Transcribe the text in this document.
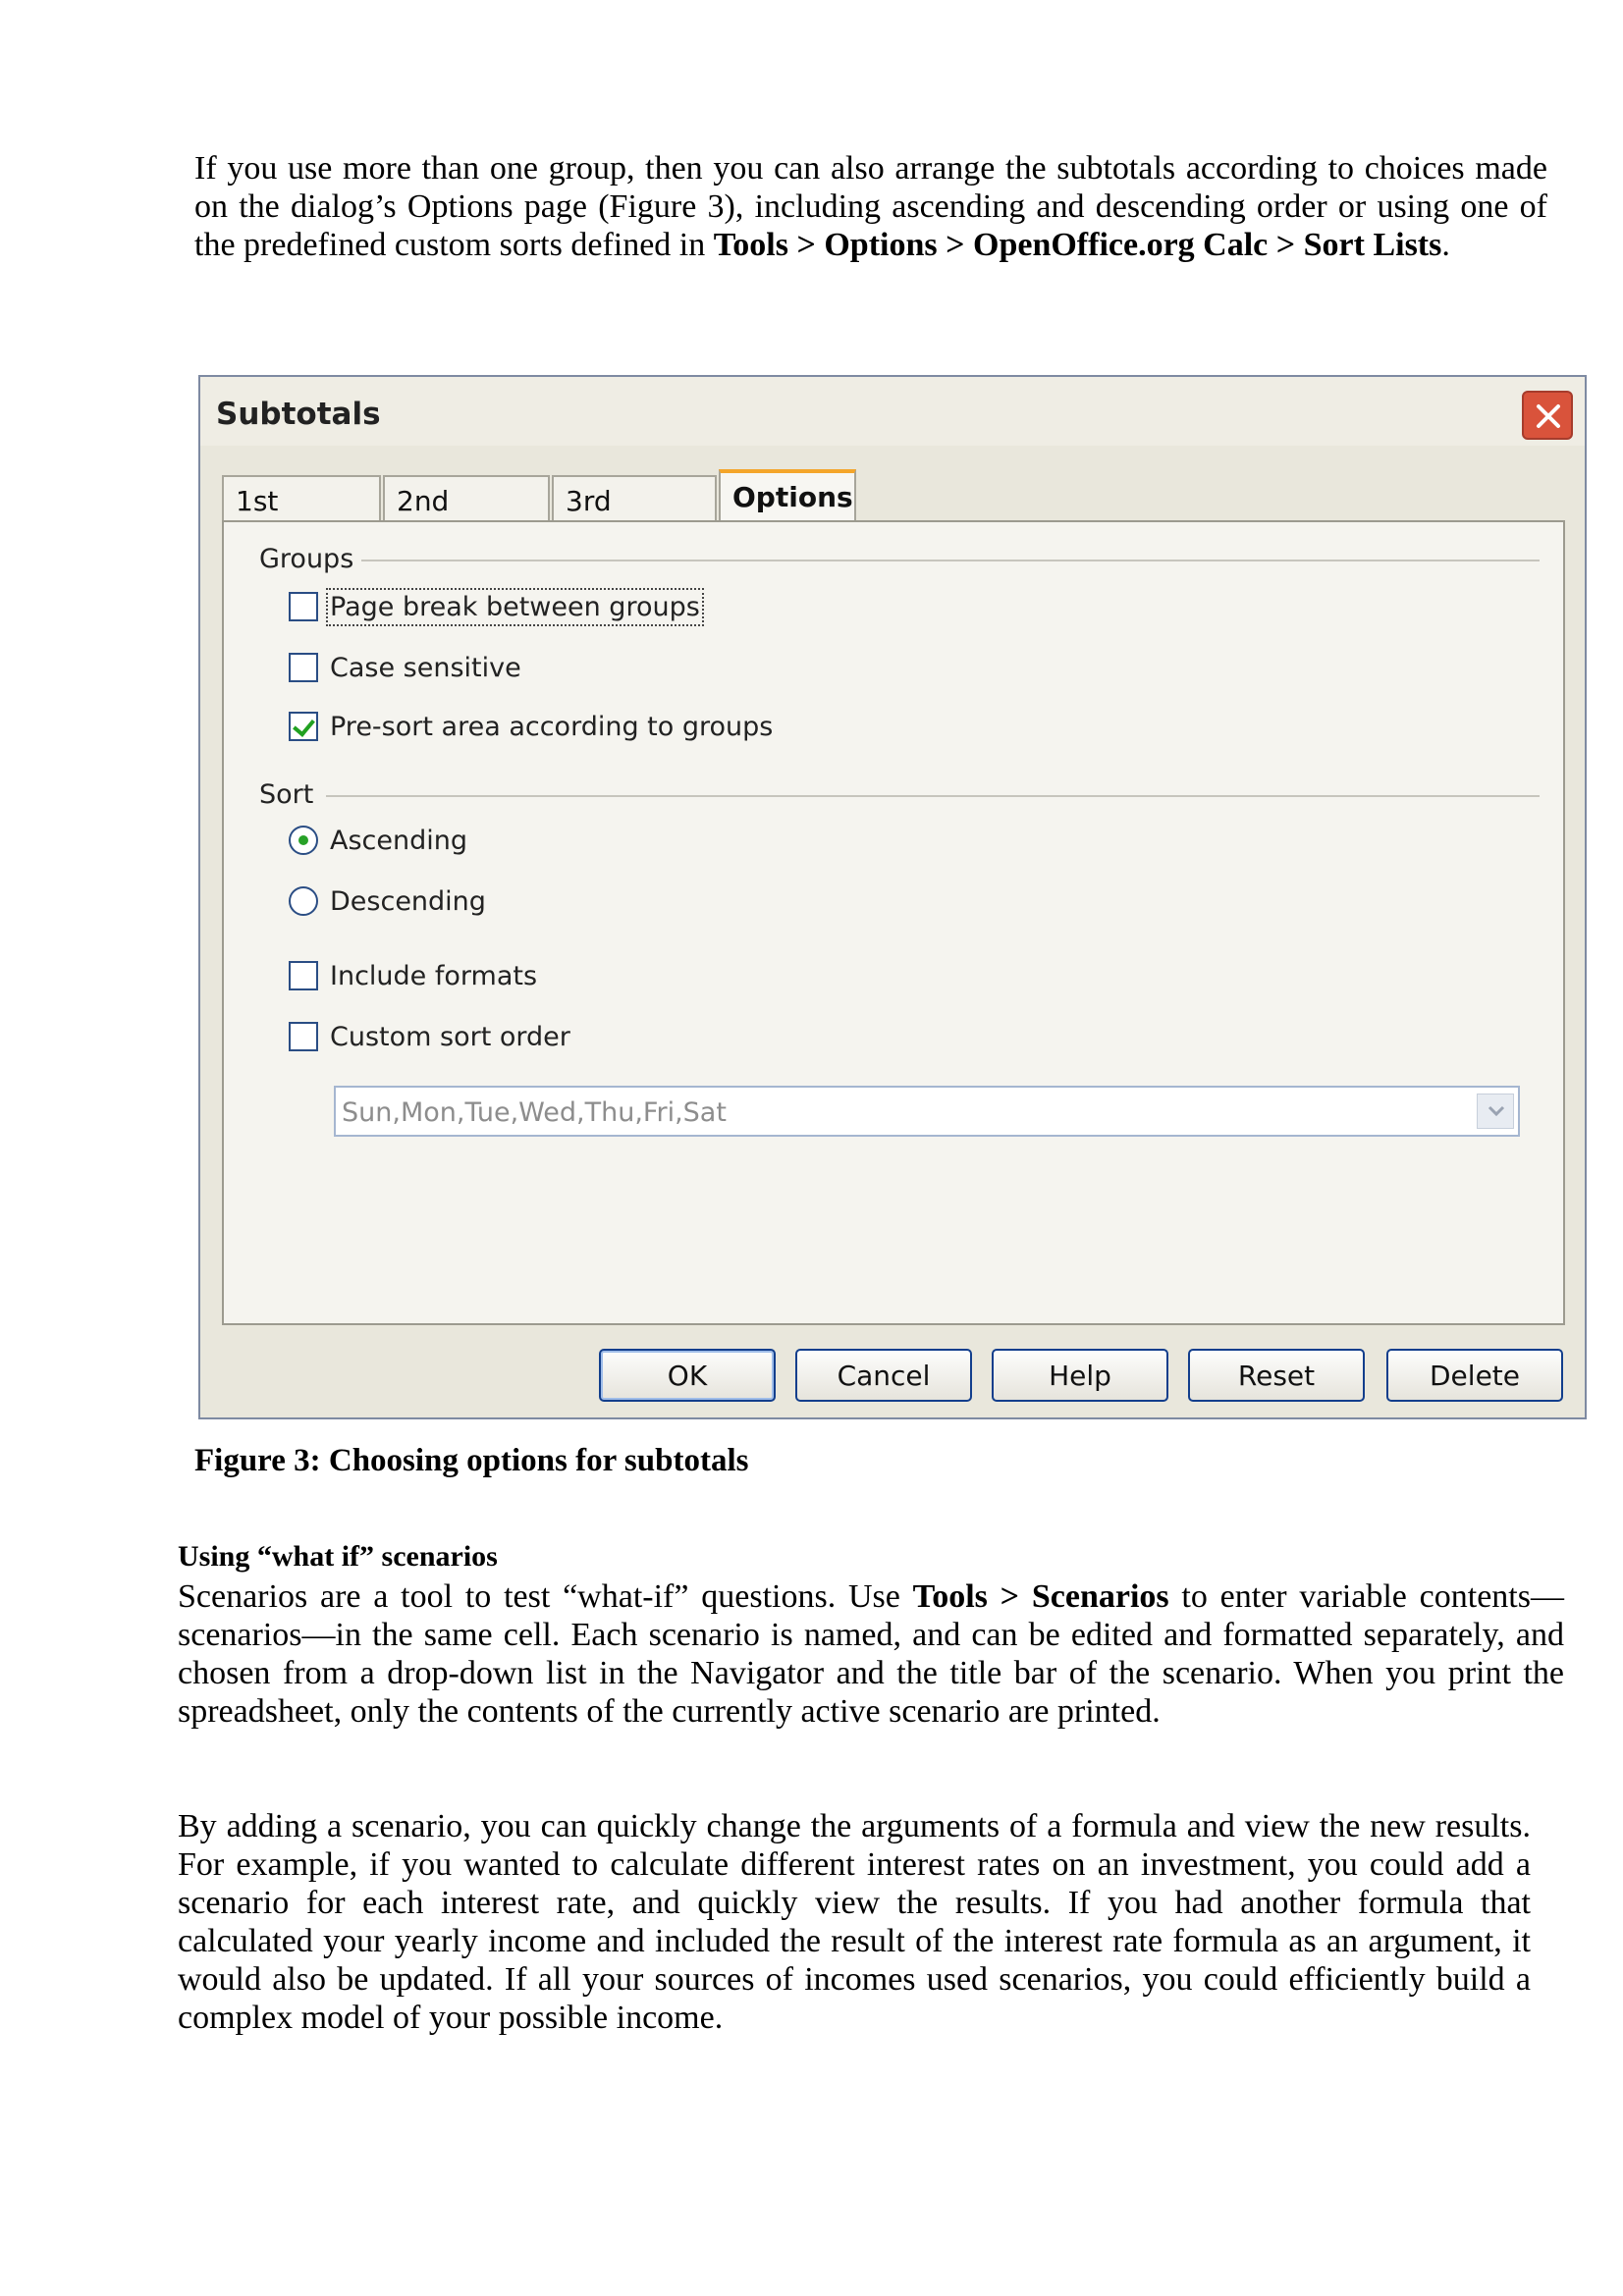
If you use more than one group, then you can also arrange the subtotals according to choices made on the dialog’s Options page (Figure 3), including ascending and descending order or using one of the predefined custom sorts defined in Tools > Options > OpenOffice.org Calc > Sort Lists.
Subtotals
1st	2nd	3rd	Options
Groups
Page break between groups
Case sensitive
Pre-sort area according to groups
Sort
Ascending
Descending
Include formats
Custom sort order
Sun,Mon,Tue,Wed,Thu,Fri,Sat
OK	Cancel	Help	Reset	Delete
Figure 3: Choosing options for subtotals
Using “what if” scenarios
Scenarios are a tool to test “what-if” questions. Use Tools > Scenarios to enter variable contents—scenarios—in the same cell. Each scenario is named, and can be edited and formatted separately, and chosen from a drop-down list in the Navigator and the title bar of the scenario. When you print the spreadsheet, only the contents of the currently active scenario are printed.
By adding a scenario, you can quickly change the arguments of a formula and view the new results. For example, if you wanted to calculate different interest rates on an investment, you could add a scenario for each interest rate, and quickly view the results. If you had another formula that calculated your yearly income and included the result of the interest rate formula as an argument, it would also be updated. If all your sources of incomes used scenarios, you could efficiently build a complex model of your possible income.
